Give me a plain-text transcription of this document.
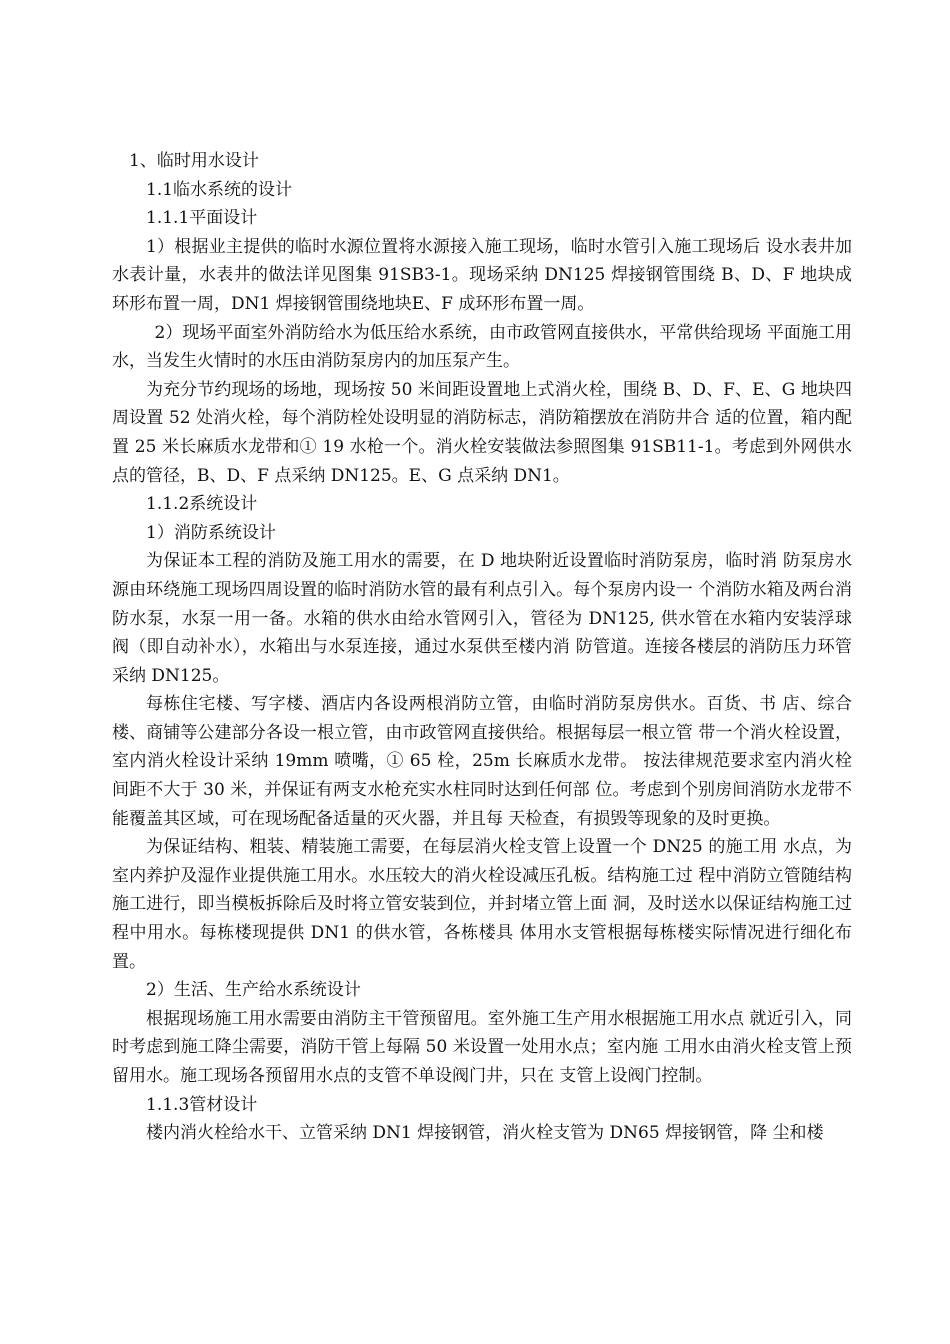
1、临时用水设计

1.1临水系统的设计

1.1.1平面设计

1）根据业主提供的临时水源位置将水源接入施工现场，临时水管引入施工现场后 设水表井加水表计量，水表井的做法详见图集 91SB3-1。现场采纳 DN125 焊接钢管围绕 B、D、F 地块成环形布置一周，DN1 焊接钢管围绕地块E、F 成环形布置一周。

2）现场平面室外消防给水为低压给水系统，由市政管网直接供水，平常供给现场 平面施工用水，当发生火情时的水压由消防泵房内的加压泵产生。

为充分节约现场的场地，现场按 50 米间距设置地上式消火栓，围绕 B、D、F、E、G 地块四周设置 52 处消火栓，每个消防栓处设明显的消防标志，消防箱摆放在消防井合 适的位置，箱内配置 25 米长麻质水龙带和① 19 水枪一个。消火栓安装做法参照图集 91SB11-1。考虑到外网供水点的管径，B、D、F 点采纳 DN125。E、G 点采纳 DN1。

1.1.2系统设计

1）消防系统设计

为保证本工程的消防及施工用水的需要，在 D 地块附近设置临时消防泵房，临时消 防泵房水源由环绕施工现场四周设置的临时消防水管的最有利点引入。每个泵房内设一 个消防水箱及两台消防水泵，水泵一用一备。水箱的供水由给水管网引入，管径为 DN125, 供水管在水箱内安装浮球阀（即自动补水），水箱出与水泵连接，通过水泵供至楼内消 防管道。连接各楼层的消防压力环管采纳 DN125。

每栋住宅楼、写字楼、酒店内各设两根消防立管，由临时消防泵房供水。百货、书 店、综合楼、商铺等公建部分各设一根立管，由市政管网直接供给。根据每层一根立管 带一个消火栓设置，室内消火栓设计采纳 19mm 喷嘴，① 65 栓，25m 长麻质水龙带。 按法律规范要求室内消火栓间距不大于 30 米，并保证有两支水枪充实水柱同时达到任何部 位。考虑到个别房间消防水龙带不能覆盖其区域，可在现场配备适量的灭火器，并且每 天检查，有损毁等现象的及时更换。

为保证结构、粗装、精装施工需要，在每层消火栓支管上设置一个 DN25 的施工用 水点，为室内养护及湿作业提供施工用水。水压较大的消火栓设减压孔板。结构施工过 程中消防立管随结构施工进行，即当模板拆除后及时将立管安装到位，并封堵立管上面 洞，及时送水以保证结构施工过程中用水。每栋楼现提供 DN1 的供水管，各栋楼具 体用水支管根据每栋楼实际情况进行细化布置。

2）生活、生产给水系统设计

根据现场施工用水需要由消防主干管预留甩。室外施工生产用水根据施工用水点 就近引入，同时考虑到施工降尘需要，消防干管上每隔 50 米设置一处用水点；室内施 工用水由消火栓支管上预留用水。施工现场各预留用水点的支管不单设阀门井，只在 支管上设阀门控制。

1.1.3管材设计

楼内消火栓给水干、立管采纳 DN1 焊接钢管，消火栓支管为 DN65 焊接钢管，降 尘和楼
